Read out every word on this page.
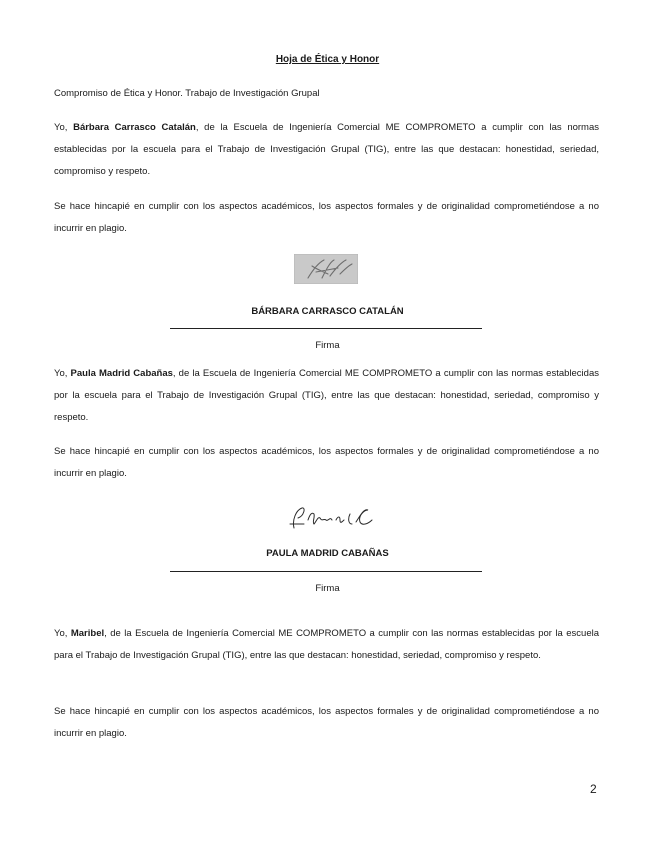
Hoja de Ética y Honor
Compromiso de Ética y Honor. Trabajo de Investigación Grupal
Yo, Bárbara Carrasco Catalán, de la Escuela de Ingeniería Comercial ME COMPROMETO a cumplir con las normas establecidas por la escuela para el Trabajo de Investigación Grupal (TIG), entre las que destacan: honestidad, seriedad, compromiso y respeto.
Se hace hincapié en cumplir con los aspectos académicos, los aspectos formales y de originalidad comprometiéndose a no incurrir en plagio.
BÁRBARA CARRASCO CATALÁN
Firma
Yo, Paula Madrid Cabañas, de la Escuela de Ingeniería Comercial ME COMPROMETO a cumplir con las normas establecidas por la escuela para el Trabajo de Investigación Grupal (TIG), entre las que destacan: honestidad, seriedad, compromiso y respeto.
Se hace hincapié en cumplir con los aspectos académicos, los aspectos formales y de originalidad comprometiéndose a no incurrir en plagio.
PAULA MADRID CABAÑAS
Firma
Yo, Maribel, de la Escuela de Ingeniería Comercial ME COMPROMETO a cumplir con las normas establecidas por la escuela para el Trabajo de Investigación Grupal (TIG), entre las que destacan: honestidad, seriedad, compromiso y respeto.
Se hace hincapié en cumplir con los aspectos académicos, los aspectos formales y de originalidad comprometiéndose a no incurrir en plagio.
2
